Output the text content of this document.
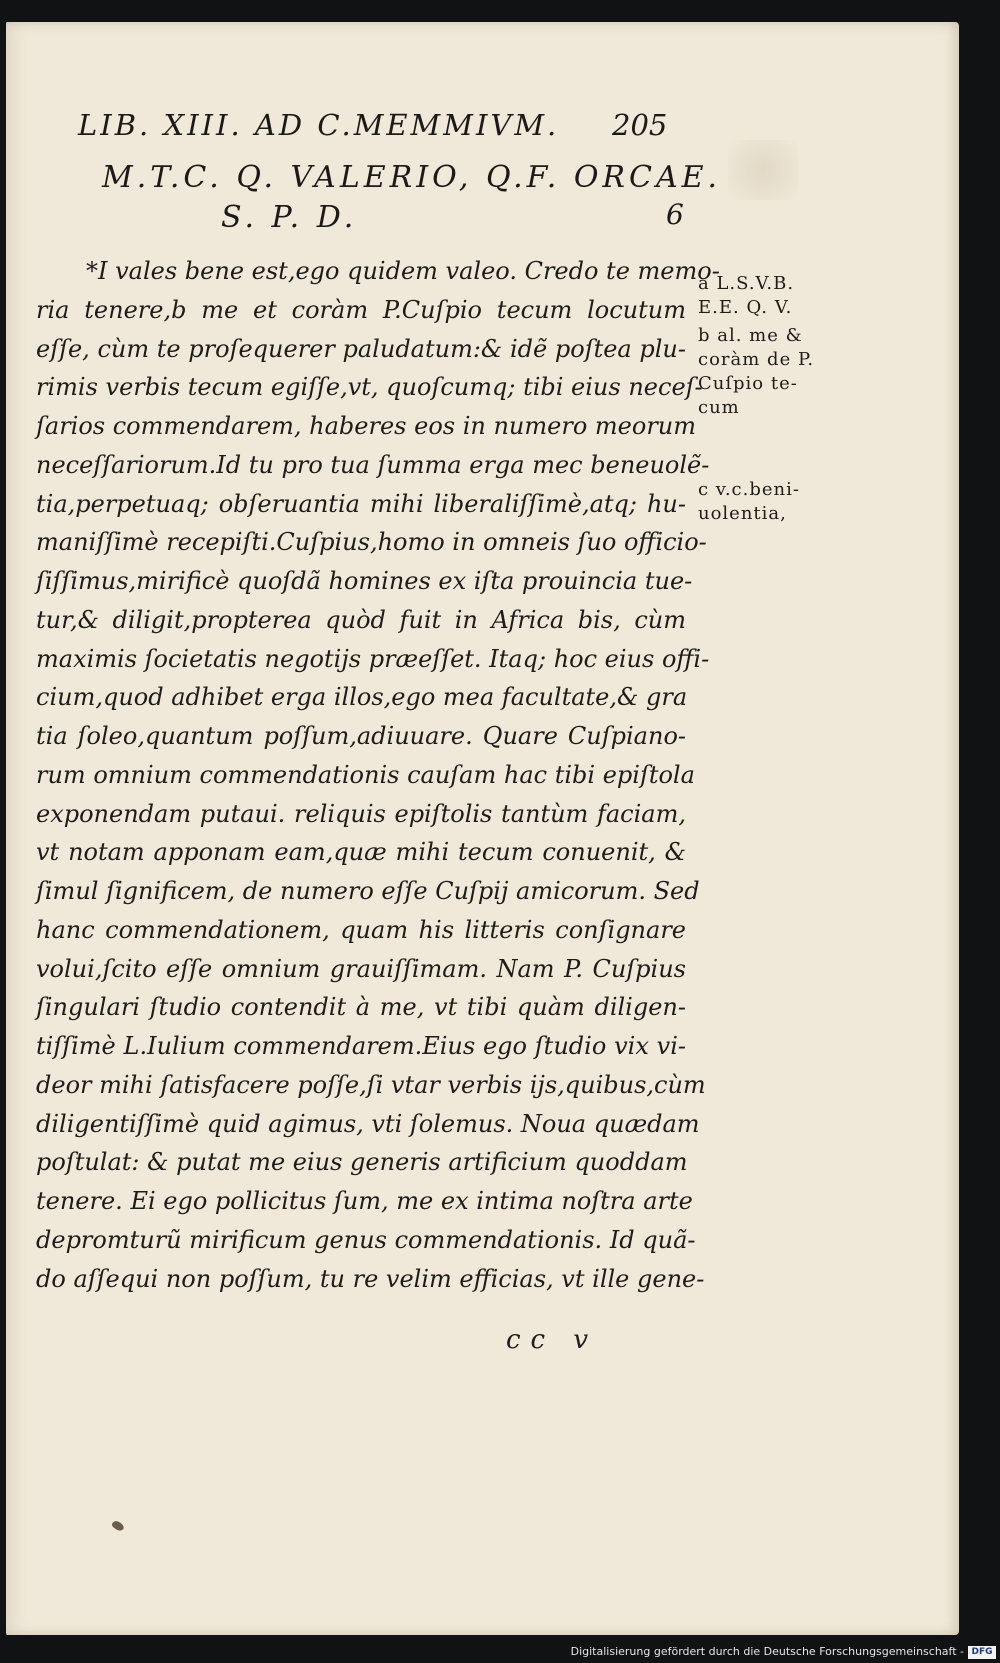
LIB. XIII. AD C.MEMMIVM.	205
M.T.C. Q. VALERIO, Q.F. ORCAE.
S. P. D.	6
*I vales bene est,ego quidem valeo. Credo te memo-
ria tenere,b me et coràm P.Cuſpio tecum locutum
eſſe, cùm te proſequerer paludatum:& idẽ poſtea plu-
rimis verbis tecum egiſſe,vt, quoſcumq; tibi eius neceſ-
ſarios commendarem, haberes eos in numero meorum
neceſſariorum.Id tu pro tua ſumma erga mec beneuolẽ-
tia,perpetuaq; obſeruantia mihi liberaliſſimè,atq; hu-
maniſſimè recepiſti.Cuſpius,homo in omneis ſuo officio-
ſiſſimus,mirificè quoſdã homines ex iſta prouincia tue-
tur,& diligit,propterea quòd fuit in Africa bis, cùm
maximis ſocietatis negotijs præeſſet. Itaq; hoc eius offi-
cium,quod adhibet erga illos,ego mea facultate,& gra
tia ſoleo,quantum poſſum,adiuuare. Quare Cuſpiano-
rum omnium commendationis cauſam hac tibi epiſtola
exponendam putaui. reliquis epiſtolis tantùm faciam,
vt notam apponam eam,quæ mihi tecum conuenit, &
ſimul ſignificem, de numero eſſe Cuſpij amicorum. Sed
hanc commendationem, quam his litteris conſignare
volui,ſcito eſſe omnium grauiſſimam. Nam P. Cuſpius
ſingulari ſtudio contendit à me, vt tibi quàm diligen-
tiſſimè L.Iulium commendarem.Eius ego ſtudio vix vi-
deor mihi ſatisfacere poſſe,ſi vtar verbis ijs,quibus,cùm
diligentiſſimè quid agimus, vti ſolemus. Noua quædam
poſtulat: & putat me eius generis artificium quoddam
tenere. Ei ego pollicitus ſum, me ex intima noſtra arte
depromturũ mirificum genus commendationis. Id quã-
do aſſequi non poſſum, tu re velim efficias, vt ille gene-
a L.S.V.B.
E.E. Q. V.
b al. me &
coràm de P.
Cuſpio te-
cum
c v.c.beni-
uolentia,
cc v
Digitalisierung gefördert durch die Deutsche Forschungsgemeinschaft - DFG
